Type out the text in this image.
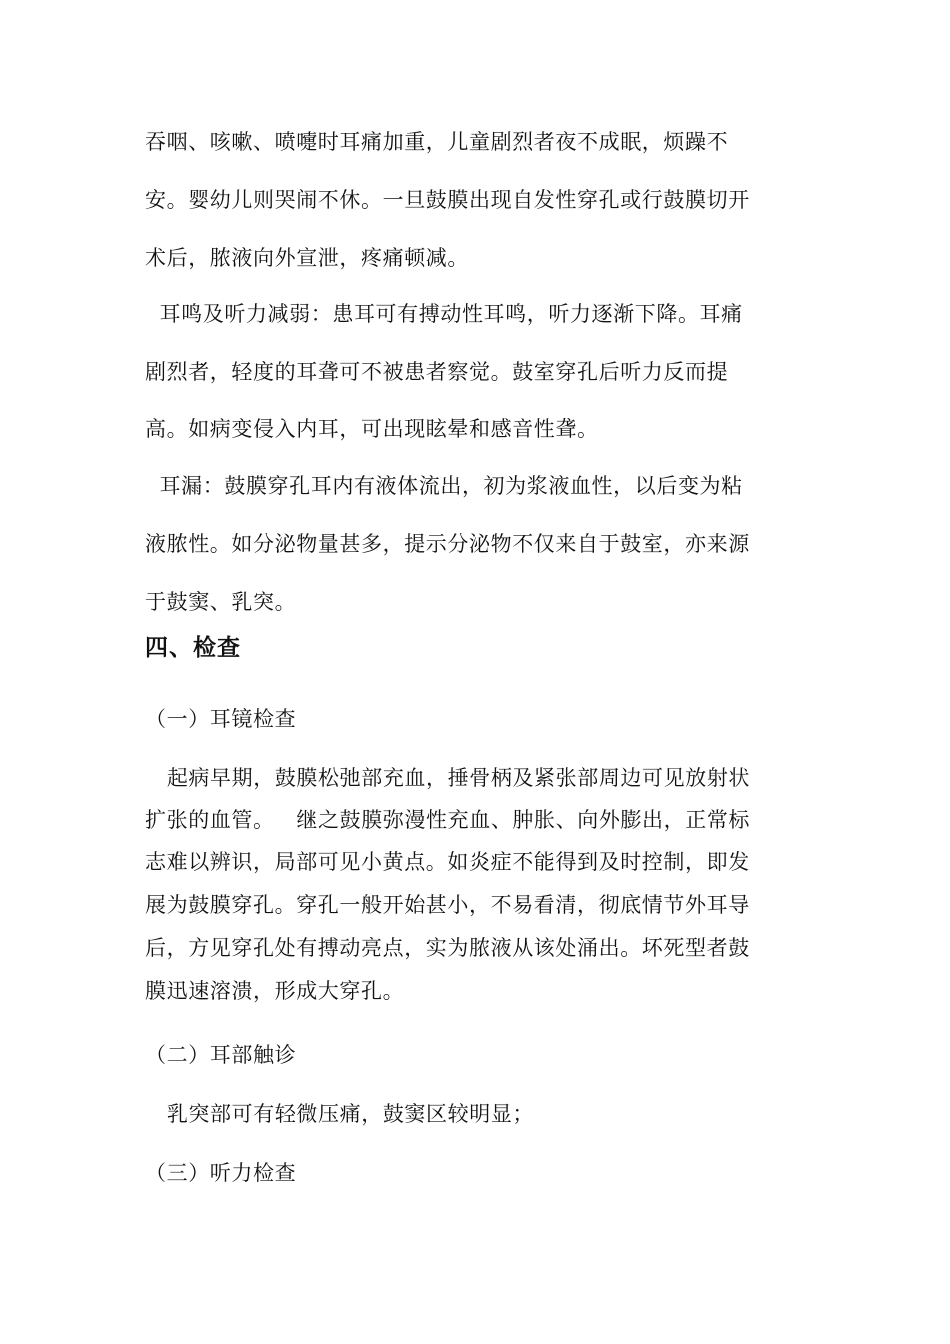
吞咽、咳嗽、喷嚏时耳痛加重，儿童剧烈者夜不成眠，烦躁不
安。婴幼儿则哭闹不休。一旦鼓膜出现自发性穿孔或行鼓膜切开
术后，脓液向外宣泄，疼痛顿减。
耳鸣及听力减弱：患耳可有搏动性耳鸣，听力逐渐下降。耳痛
剧烈者，轻度的耳聋可不被患者察觉。鼓室穿孔后听力反而提
高。如病变侵入内耳，可出现眩晕和感音性聋。
耳漏：鼓膜穿孔耳内有液体流出，初为浆液血性，以后变为粘
液脓性。如分泌物量甚多，提示分泌物不仅来自于鼓室，亦来源
于鼓窦、乳突。
四、检查
（一）耳镜检查
起病早期，鼓膜松弛部充血，捶骨柄及紧张部周边可见放射状
扩张的血管。   继之鼓膜弥漫性充血、肿胀、向外膨出，正常标
志难以辨识，局部可见小黄点。如炎症不能得到及时控制，即发
展为鼓膜穿孔。穿孔一般开始甚小，不易看清，彻底情节外耳导
后，方见穿孔处有搏动亮点，实为脓液从该处涌出。坏死型者鼓
膜迅速溶溃，形成大穿孔。
（二）耳部触诊
乳突部可有轻微压痛，鼓窦区较明显；
（三）听力检查
